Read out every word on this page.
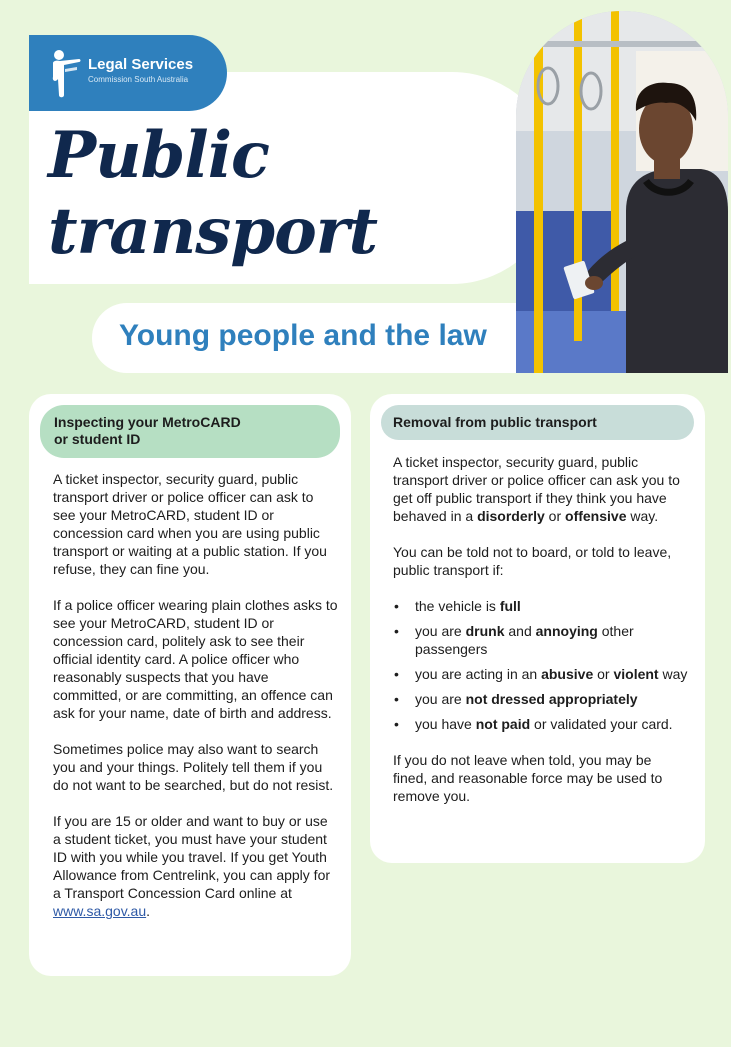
Legal Services
Commission South Australia
Public
transport
Young people and the law
Inspecting your MetroCARD
or student ID

A ticket inspector, security guard, public transport driver or police officer can ask to see your MetroCARD, student ID or concession card when you are using public transport or waiting at a public station. If you refuse, they can fine you.

If a police officer wearing plain clothes asks to see your MetroCARD, student ID or concession card, politely ask to see their official identity card. A police officer who reasonably suspects that you have committed, or are committing, an offence can ask for your name, date of birth and address.

Sometimes police may also want to search you and your things. Politely tell them if you do not want to be searched, but do not resist.

If you are 15 or older and want to buy or use a student ticket, you must have your student ID with you while you travel. If you get Youth Allowance from Centrelink, you can apply for a Transport Concession Card online at www.sa.gov.au.

Removal from public transport

A ticket inspector, security guard, public transport driver or police officer can ask you to get off public transport if they think you have behaved in a disorderly or offensive way.

You can be told not to board, or told to leave, public transport if:

• the vehicle is full
• you are drunk and annoying other passengers
• you are acting in an abusive or violent way
• you are not dressed appropriately
• you have not paid or validated your card.

If you do not leave when told, you may be fined, and reasonable force may be used to remove you.
